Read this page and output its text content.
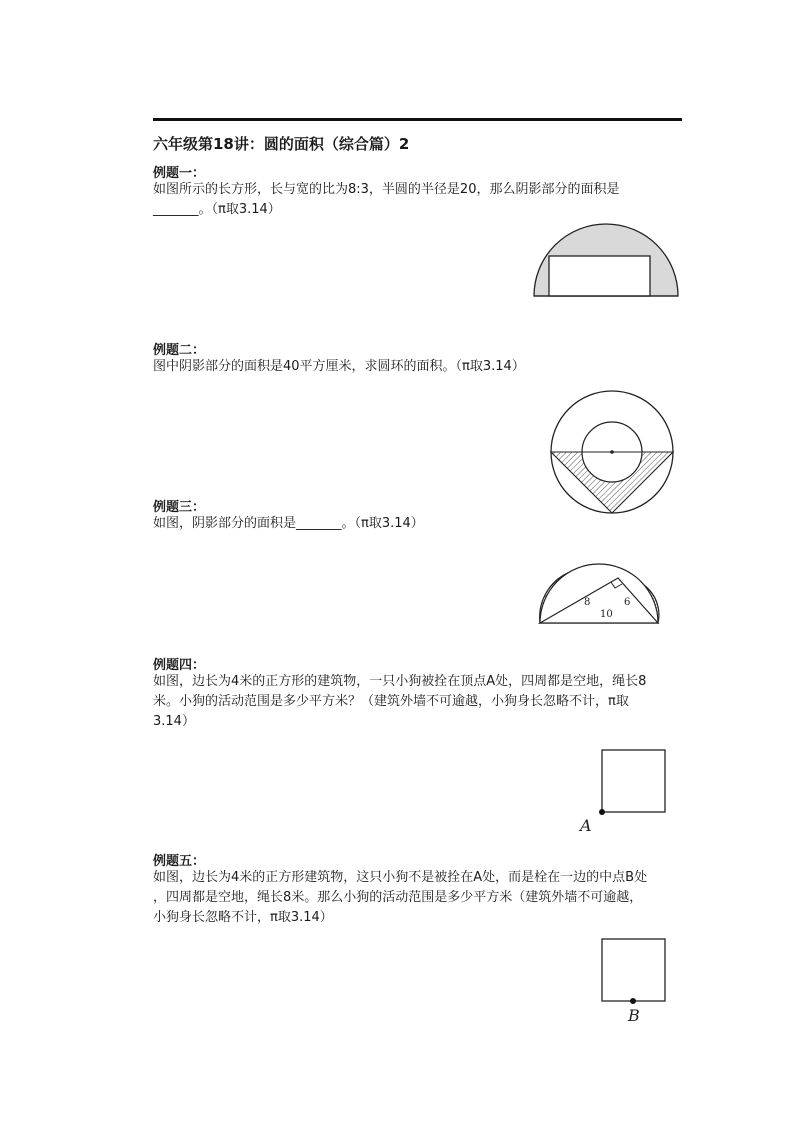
六年级第18讲：圆的面积（综合篇）2
例题一：
如图所示的长方形，长与宽的比为8:3，半圆的半径是20，那么阴影部分的面积是
_______。（π取3.14）
例题二：
图中阴影部分的面积是40平方厘米，求圆环的面积。（π取3.14）
例题三：
如图，阴影部分的面积是_______。（π取3.14）
8	6
10
例题四：
如图，边长为4米的正方形的建筑物，一只小狗被拴在顶点A处，四周都是空地，绳长8
米。小狗的活动范围是多少平方米？（建筑外墙不可逾越，小狗身长忽略不计，π取
3.14）
A
例题五：
如图，边长为4米的正方形建筑物，这只小狗不是被拴在A处，而是栓在一边的中点B处
，四周都是空地，绳长8米。那么小狗的活动范围是多少平方米（建筑外墙不可逾越，
小狗身长忽略不计，π取3.14）
B
